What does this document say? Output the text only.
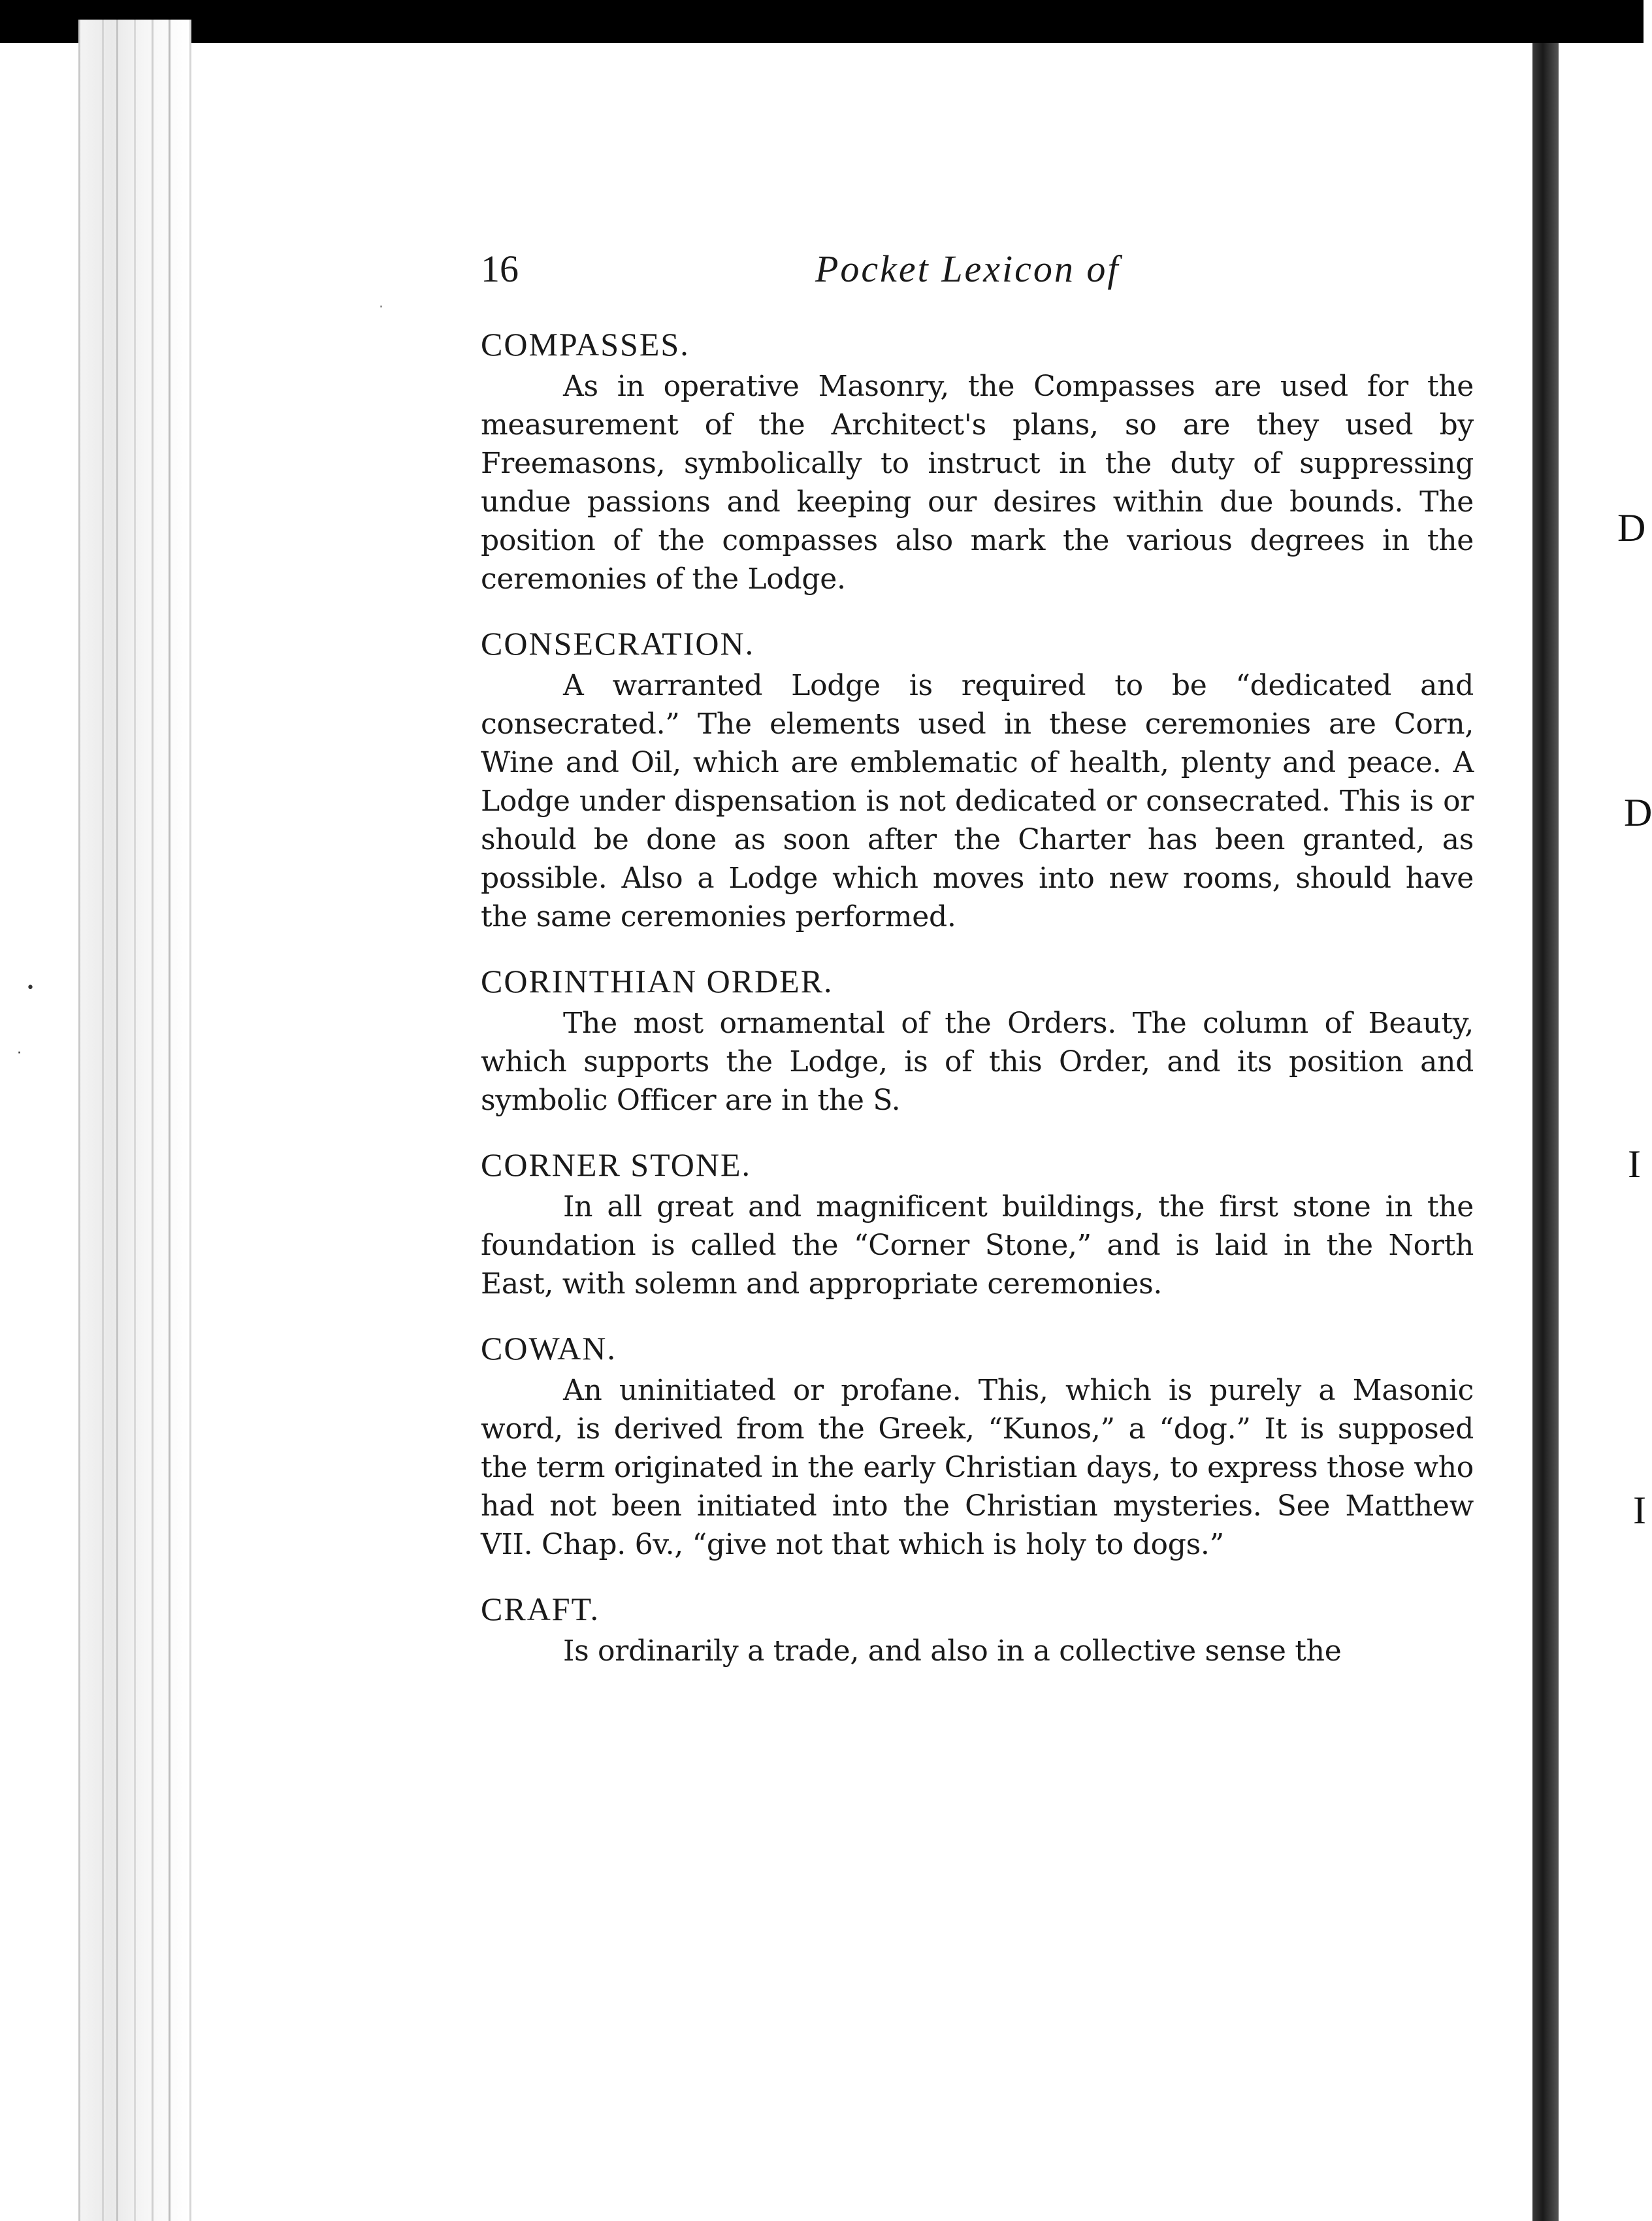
•
·
·
D
D
I
I
16	Pocket Lexicon of

COMPASSES.

As in operative Masonry, the Compasses are used for the measurement of the Architect's plans, so are they used by Freemasons, symbolically to instruct in the duty of suppressing undue passions and keeping our desires within due bounds. The position of the compasses also mark the various degrees in the ceremonies of the Lodge.

CONSECRATION.

A warranted Lodge is required to be “dedicated and consecrated.” The elements used in these ceremonies are Corn, Wine and Oil, which are emblematic of health, plenty and peace. A Lodge under dispensation is not dedicated or consecrated. This is or should be done as soon after the Charter has been granted, as possible. Also a Lodge which moves into new rooms, should have the same ceremonies performed.

CORINTHIAN ORDER.

The most ornamental of the Orders. The column of Beauty, which supports the Lodge, is of this Order, and its position and symbolic Officer are in the S.

CORNER STONE.

In all great and magnificent buildings, the first stone in the foundation is called the “Corner Stone,” and is laid in the North East, with solemn and appropriate ceremonies.

COWAN.

An uninitiated or profane. This, which is purely a Masonic word, is derived from the Greek, “Kunos,” a “dog.” It is supposed the term originated in the early Christian days, to express those who had not been initiated into the Christian mysteries. See Matthew VII. Chap. 6v., “give not that which is holy to dogs.”

CRAFT.

Is ordinarily a trade, and also in a collective sense the
